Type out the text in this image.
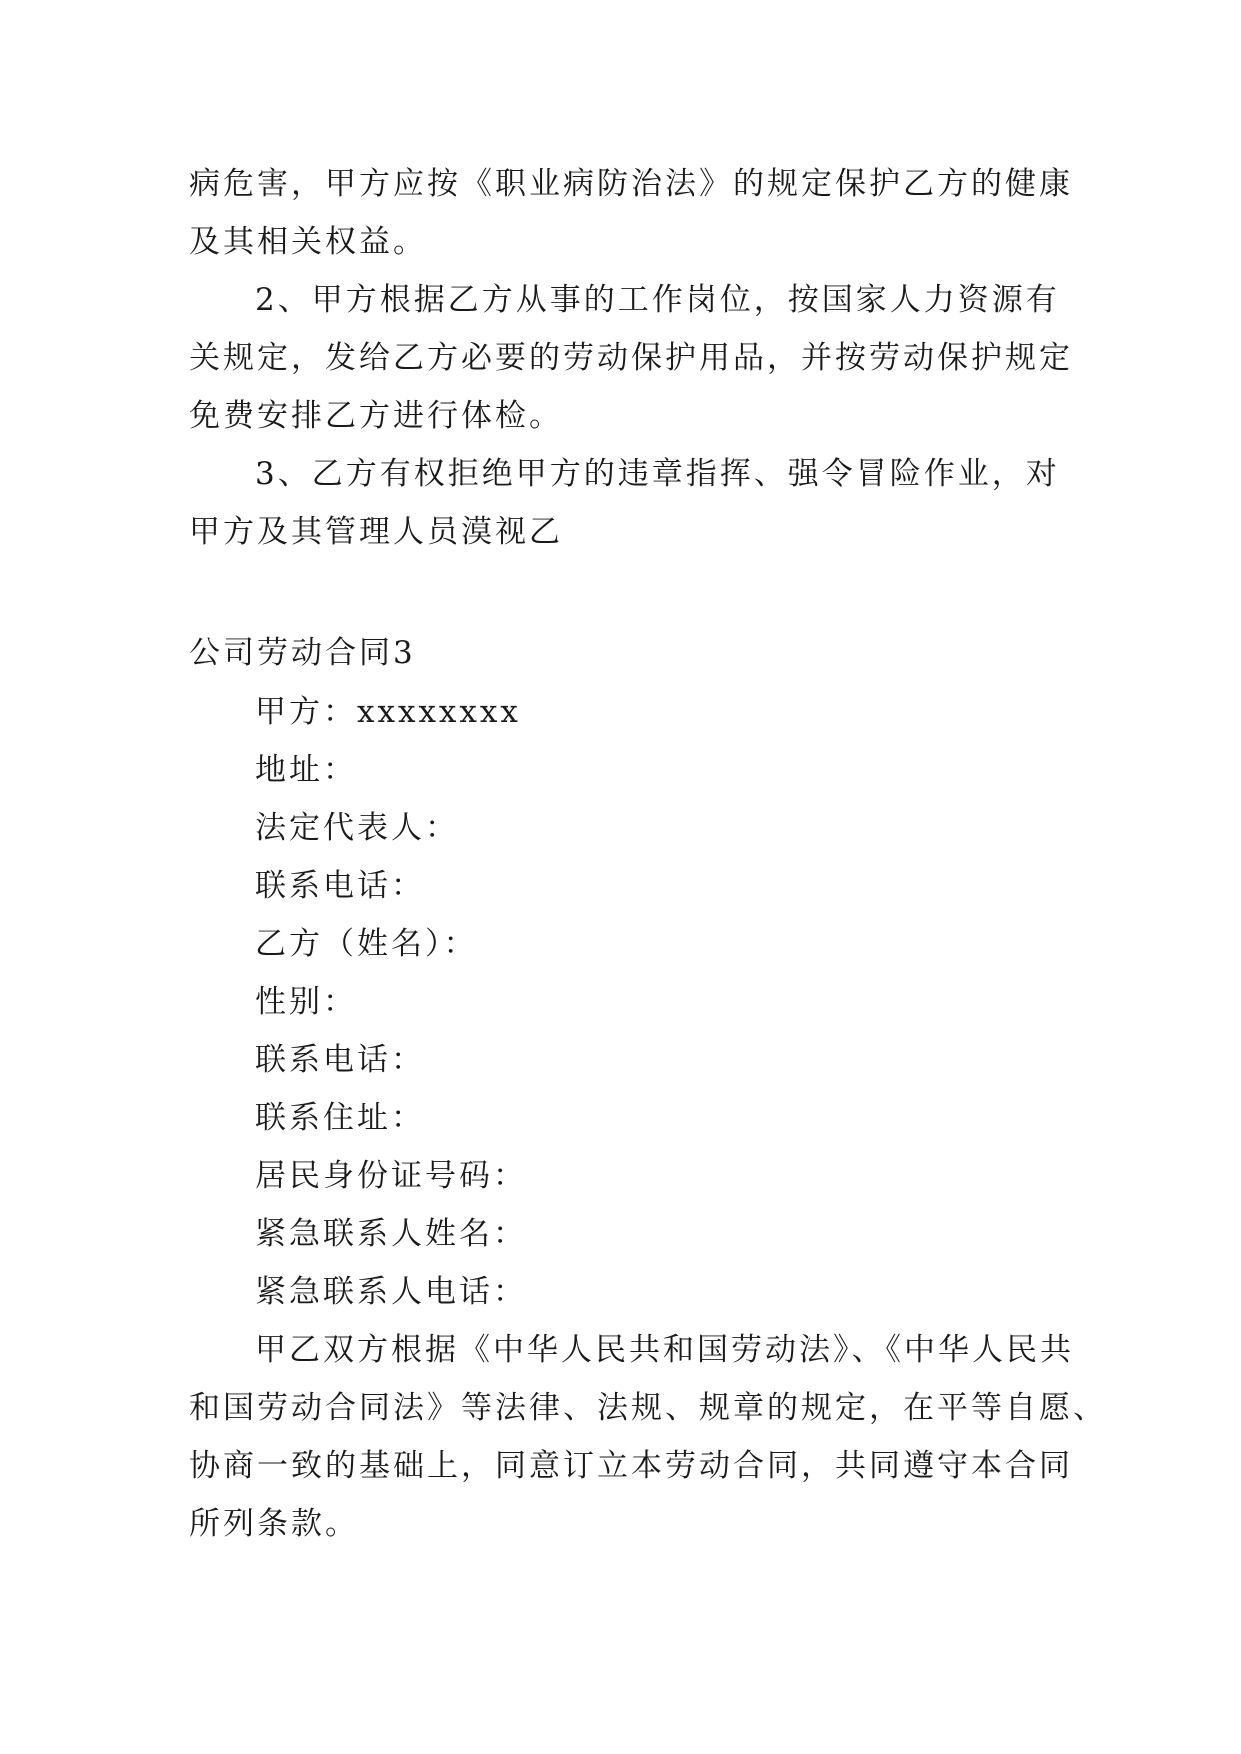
病危害，甲方应按《职业病防治法》的规定保护乙方的健康
及其相关权益。

2、甲方根据乙方从事的工作岗位，按国家人力资源有
关规定，发给乙方必要的劳动保护用品，并按劳动保护规定
免费安排乙方进行体检。

3、乙方有权拒绝甲方的违章指挥、强令冒险作业，对
甲方及其管理人员漠视乙

公司劳动合同3
甲方：xxxxxxxx
地址：
法定代表人：
联系电话：
乙方（姓名）：
性别：
联系电话：
联系住址：
居民身份证号码：
紧急联系人姓名：
紧急联系人电话：

甲乙双方根据《中华人民共和国劳动法》、《中华人民共
和国劳动合同法》等法律、法规、规章的规定，在平等自愿、
协商一致的基础上，同意订立本劳动合同，共同遵守本合同
所列条款。
